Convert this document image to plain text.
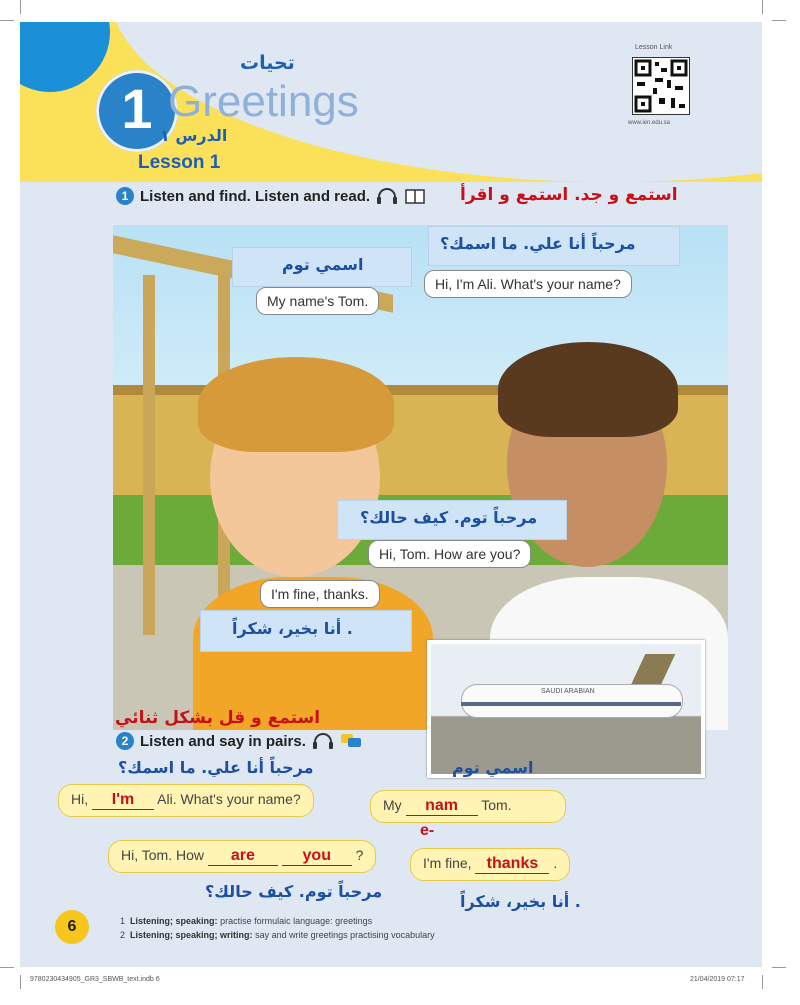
1
تحيات
Greetings
الدرس ١
Lesson 1
Lesson Link
www.ien.edu.sa
1 Listen and find. Listen and read.	استمع و جد. استمع و اقرأ
اسمي توم
My name's Tom.
مرحباً أنا علي. ما اسمك؟
Hi, I'm Ali. What's your name?
مرحباً توم. كيف حالك؟
Hi, Tom. How are you?
I'm fine, thanks.
أنا بخير، شكراً .
SAUDI ARABIAN
استمع و قل بشكل ثنائي
2 Listen and say in pairs.
مرحباً أنا علي. ما اسمك؟	اسمي توم
Hi, I'm Ali. What's your name?	My nam Tom.
e-
Hi, Tom. How are	you ?	I'm fine, thanks .
مرحباً توم. كيف حالك؟
أنا بخير، شكراً .
6	1 Listening; speaking: practise formulaic language: greetings
2 Listening; speaking; writing: say and write greetings practising vocabulary
9780230434905_GR3_SBWB_text.indb 6	21/04/2019 07:17
